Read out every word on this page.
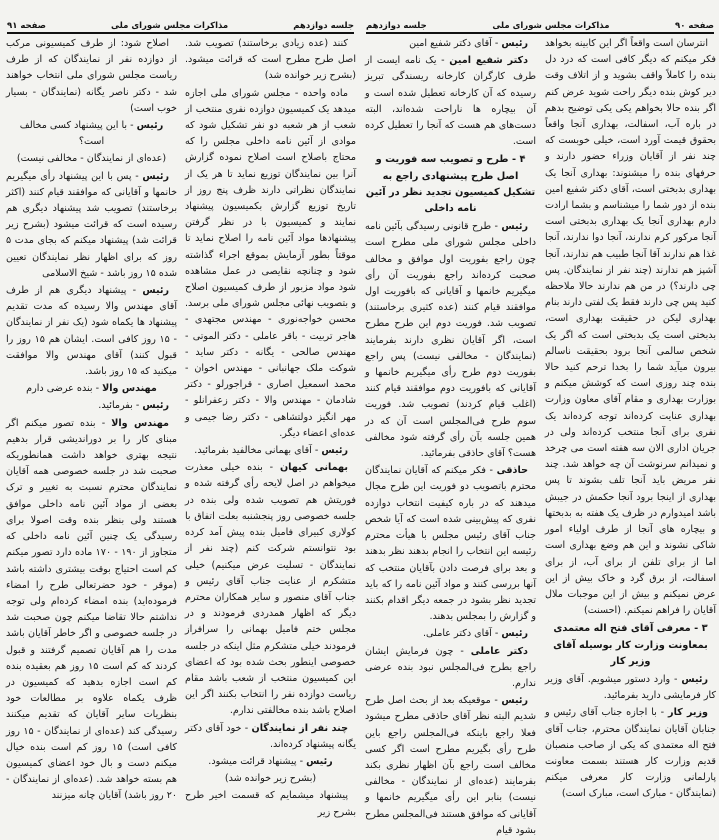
صفحه ۹۰
مذاکرات مجلس شورای ملی
جلسه دوازدهم
انترسان است واقعاً اگر این کابینه بخواهد فکر میکنم که دیگر کافی است که درد دل بنده را کاملاً واقف بشوید و از اتلاف وقت دیر کوش بنده دیگر راحت شوید عرض کنم اگر بنده حالا بخواهم یکی یکی توضیح بدهم در باره آب، اسفالت، بهداری آنجا واقعاً بحقوق قیمت آورد است، خیلی خوبست که چند نفر از آقایان وزراء حضور دارند و حرفهای بنده را میشنوند: بهداری آنجا یک بهداری بدبختی است، آقای دکتر شفیع امین بنده از دور شما را میشناسم و بشما ارادت دارم بهداری آنجا یک بهداری بدبختی است آنجا مرکور کرم ندارند، آنجا دوا ندارند، آنجا غذا هم ندارند آقا آنجا طبیب هم ندارند، آنجا آشپز هم ندارند (چند نفر از نمایندگان. پس چی دارند؟) در من هم ندارند حالا ملاحظه کنید پس چی دارند فقط یک لفتی دارند بنام بهداری لیکن در حقیقت بهداری است، بدبختی است یک بدبختی است که اگر یک شخص سالمی آنجا برود بحقیقت ناسالم بیرون میآید شما را بخدا ترحم کنید حالا بنده چند روزی است که کوشش میکنم و بوزارت بهداری و مقام آقای معاون وزارت بهداری عنایت کرده‌اند توجه کرده‌اند یک نفری برای آنجا منتخب کرده‌اند ولی در جریان اداری الان سه هفته است می چرخد و نمیدانم سرنوشت آن چه خواهد شد. چند نفر مریض باید آنجا تلف بشوند تا پس بهداری از اینجا برود آنجا حکمش در جیبش باشد امیدوارم در ظرف یک هفته به بدبختها و بیچاره های آنجا از طرف اولیاء امور شاکی نشوند و این هم وضع بهداری است اما از برای تلفن از برای آب، از برای اسفالت، از برق گرد و خاک بیش از این عرض نمیکنم و بیش از این موجبات ملال آقایان را فراهم نمیکنم. (احسنت)
۳ - معرفی آقای فتح اله معتمدی بمعاونت وزارت کار بوسیله آقای وزیر کار
رئیس - وارد دستور میشویم. آقای وزیر کار فرمایشی دارید بفرمائید.
وزیر کار - با اجازه جناب آقای رئیس و جنابان آقایان نمایندگان محترم، جناب آقای فتح اله معتمدی که یکی از صاحب منصبان قدیم وزارت کار هستند بسمت معاونت پارلمانی وزارت کار معرفی میکنم (نمایندگان - مبارک است، مبارک است)
رئیس - آقای دکتر شفیع امین
دکتر شفیع امین - یک نامه ایست از طرف کارگران کارخانه ریسندگی تبریز رسیده که آن کارخانه تعطیل شده است و آن بیچاره ها ناراحت شده‌اند، البته دست‌های هم هست که آنجا را تعطیل کرده است.
۴ - طرح و تصویب سه فوریت و اصل طرح پیشنهادی راجع به تشکیل کمیسیون تجدید نظر در آئین نامه داخلی
رئیس - طرح قانونی رسیدگی بآئین نامه داخلی مجلس شورای ملی مطرح است چون راجع بفوریت اول موافق و مخالف صحبت کرده‌اند راجع بفوریت آن رأی میگیریم خانمها و آقایانی که بافوریت اول موافقند قیام کنند (عده کثیری برخاستند) تصویب شد. فوریت دوم این طرح مطرح است، اگر آقایان نظری دارند بفرمایند (نمایندگان - مخالفی نیست) پس راجع بفوریت دوم طرح رأی میگیریم خانمها و آقایانی که بافوریت دوم موافقند قیام کنند (اغلب قیام کردند) تصویب شد. فوریت سوم طرح فی‌المجلس است آن که در همین جلسه بآن رأی گرفته شود مخالفی هست؟ آقای حاذقی بفرمائید.
حاذقی - فکر میکنم که آقایان نمایندگان محترم باتصویب دو فوریت این طرح مجال میدهند که در باره کیفیت انتخاب دوازده نفری که پیش‌بینی شده است که آیا شخص جناب آقای رئیس مجلس با هیأت محترم رئیسه این انتخاب را انجام بدهند نظر بدهند و بعد برای فرصت دادن بآقایان منتخب که آنها بررسی کنند و مواد آئین نامه را که باید تجدید نظر بشود در جمعه دیگر اقدام بکنند و گزارش را بمجلس بدهند.
رئیس - آقای دکتر عاملی.
دکتر عاملی - چون فرمایش ایشان راجع بطرح فی‌المجلس نبود بنده عرضی ندارم.
رئیس - موقعیکه بعد از بحث اصل طرح شدیم البته نظر آقای حاذقی مطرح میشود فعلا راجع باینکه فی‌المجلس راجع باین طرح رأی بگیریم مطرح است اگر کسی مخالف است راجع بآن اظهار نظری بکند بفرمایند (عده‌ای از نمایندگان - مخالفی نیست) بنابر این رأی میگیریم خانمها و آقایانی که موافق هستند فی‌المجلس مطرح بشود قیام
جلسه دوازدهم
مذاکرات مجلس شورای ملی
صفحه ۹۱
کنند (عده زیادی برخاستند) تصویب شد. اصل طرح مطرح است که قرائت میشود. (بشرح زیر خوانده شد)
ماده واحده - مجلس شورای ملی اجازه میدهد یک کمیسیون دوازده نفری منتخب از شعب از هر شعبه دو نفر تشکیل شود که موادی از آئین نامه داخلی مجلس را که محتاج باصلاح است اصلاح نموده گزارش آنرا بین نمایندگان توزیع نماید تا هر یک از نمایندگان نظراتی دارند ظرف پنج روز از تاریخ توزیع گزارش بکمیسیون پیشنهاد نمایند و کمیسیون با در نظر گرفتن پیشنهادها مواد آئین نامه را اصلاح نماید تا موقتاً بطور آزمایش بموقع اجراء گذاشته شود و چنانچه نقایصی در عمل مشاهده شود مواد مزبور از طرف کمیسیون اصلاح و بتصویب نهائی مجلس شورای ملی برسد. محسن خواجه‌نوری - مهندس مجتهدی - هاجر تربیت - باقر عاملی - دکتر الموتی - مهندس صالحی - یگانه - دکتر ساید - شوکت ملک جهانبانی - مهندس اخوان - محمد اسمعیل اصاری - قراجورلو - دکتر شادمان - مهندس والا - دکتر زعفرانلو - مهر انگیز دولتشاهی - دکتر رضا جیمی و عده‌ای اعضاء دیگر.
رئیس - آقای بهمانی مخالفید بفرمائید.
بهمانی کیهان - بنده خیلی معذرت میخواهم در اصل لایحه رأی گرفته شده و فوریتش هم تصویب شده ولی بنده در جلسه خصوصی روز پنجشنبه بعلت اتفاق با کولاری کبیرای فامیل بنده پیش آمد کرده بود نتوانستم شرکت کنم (چند نفر از نمایندگان - تسلیت عرض میکنیم) خیلی متشکرم از عنایت جناب آقای رئیس و جناب آقای منصور و سایر همکاران محترم دیگر که اظهار همدردی فرمودند و در مجلس ختم فامیل بهمانی را سرافراز فرمودند خیلی متشکرم مثل اینکه در جلسه خصوصی اینطور بحث شده بود که اعضای این کمیسیون منتخب از شعب باشد مقام ریاست دوازده نفر را انتخاب بکنند اگر این اصلاح باشد بنده مخالفتی ندارم.
چند نفر از نمایندگان - خود آقای دکتر یگانه پیشنهاد کرده‌اند.
رئیس - پیشنهاد قرائت میشود.
(بشرح زیر خوانده شد)
پیشنهاد میشمایم که قسمت اخیر طرح بشرح زیر
اصلاح شود: از طرف کمیسیونی مرکب از دوازده نفر از نمایندگان که از طرف ریاست مجلس شورای ملی انتخاب خواهند شد - دکتر ناصر یگانه (نمایندگان - بسیار خوب است)
رئیس - با این پیشنهاد کسی مخالف است؟
(عده‌ای از نمایندگان - مخالفی نیست)
رئیس - پس با این پیشنهاد رأی میگیریم خانمها و آقایانی که موافقند قیام کنند (اکثر برخاستند) تصویب شد پیشنهاد دیگری هم رسیده است که قرائت میشود (بشرح زیر قرائت شد) پیشنهاد میکنم که بجای مدت ۵ روز که برای اظهار نظر نمایندگان تعیین شده ۱۵ روز باشد - شیخ الاسلامی
رئیس - پیشنهاد دیگری هم از طرف آقای مهندس والا رسیده که مدت تقدیم پیشنهاد ها یکماه شود (یک نفر از نمایندگان - ۱۵ روز کافی است. ایشان هم ۱۵ روز را قبول کنند) آقای مهندس والا موافقت میکنید که ۱۵ روز باشد.
مهندس والا - بنده عرضی دارم
رئیس - بفرمائید.
مهندس والا - بنده تصور میکنم اگر مبنای کار را بر دوراندیشی قرار بدهیم نتیجه بهتری خواهد داشت همانطوریکه صحبت شد در جلسه خصوصی همه آقایان نمایندگان محترم نسبت به تغییر و ترک بعضی از مواد آئین نامه داخلی موافق هستند ولی بنظر بنده وقت اصولا برای رسیدگی یک چنین آئین نامه داخلی که متجاوز از ۱۹۰ - ۱۷۰ ماده دارد تصور میکنم کم است احتیاج بوقت بیشتری داشته باشد (موقر - خود حضرتعالی طرح را امضاء فرموده‌اید) بنده امضاء کرده‌ام ولی توجه نداشتم حالا تقاضا میکنم چون صحبت شد در جلسه خصوصی و اگر خاطر آقایان باشد مدت را هم آقایان تصمیم گرفتند و قبول کردند که کم است ۱۵ روز هم بعقیده بنده کم است اجازه بدهید که کمیسیون در ظرف یکماه علاوه بر مطالعات خود بنظریات سایر آقایان که تقدیم میکنند رسیدگی کند (عده‌ای از نمایندگان - ۱۵ روز کافی است) ۱۵ روز کم است بنده خیال میکنم دست و بال خود اعضای کمیسیون هم بسته خواهد شد. (عده‌ای از نمایندگان - ۲۰ روز باشد) آقایان چانه میزنند
